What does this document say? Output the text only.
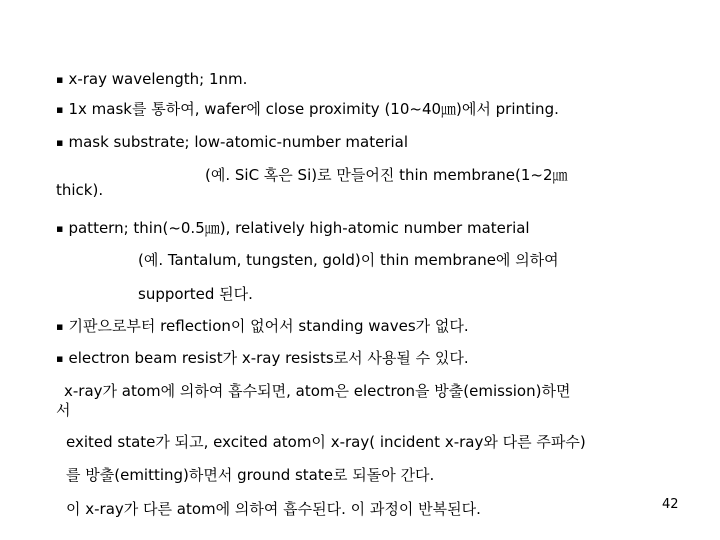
▪ x-ray wavelength; 1nm.
▪ 1x mask를 통하여, wafer에 close proximity (10~40㎛)에서 printing.
▪ mask substrate; low-atomic-number material
(예. SiC 혹은 Si)로 만들어진 thin membrane(1~2㎛
thick).
▪ pattern; thin(~0.5㎛), relatively high-atomic number material
(예. Tantalum, tungsten, gold)이 thin membrane에 의하여
supported 된다.
▪ 기판으로부터 reflection이 없어서 standing waves가 없다.
▪ electron beam resist가 x-ray resists로서 사용될 수 있다.
x-ray가 atom에 의하여 흡수되면, atom은 electron을 방출(emission)하면
서
exited state가 되고, excited atom이 x-ray( incident x-ray와 다른 주파수)
를 방출(emitting)하면서 ground state로 되돌아 간다.
이 x-ray가 다른 atom에 의하여 흡수된다. 이 과정이 반복된다.	42
